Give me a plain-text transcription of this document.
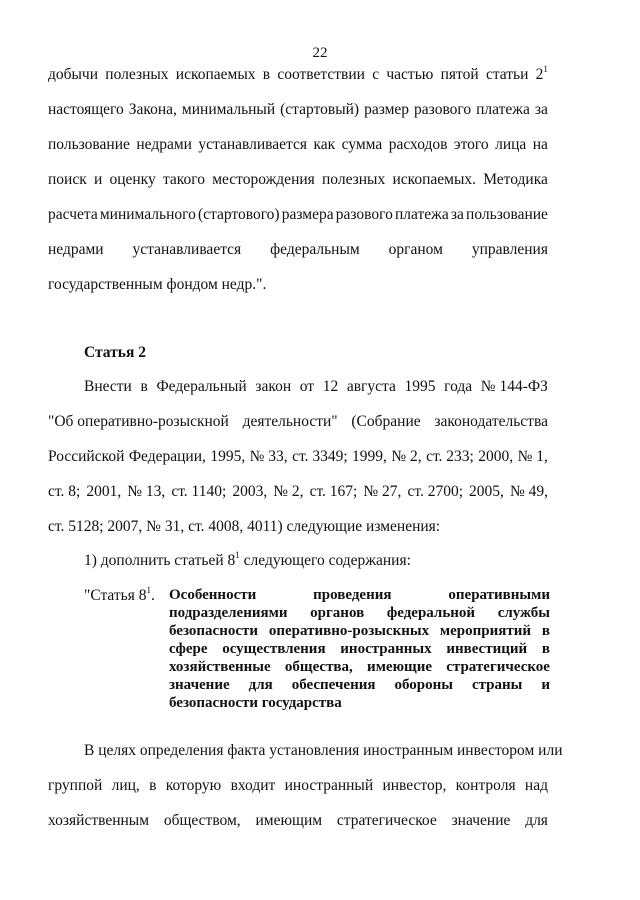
22
добычи полезных ископаемых в соответствии с частью пятой статьи $2^1$
настоящего Закона, минимальный (стартовый) размер разового платежа за
пользование недрами устанавливается как сумма расходов этого лица на
поиск и оценку такого месторождения полезных ископаемых. Методика
расчета минимального (стартового) размера разового платежа за пользование
недрами устанавливается федеральным органом управления
государственным фондом недр.".
Статья 2
Внести в Федеральный закон от 12 августа 1995 года № 144-ФЗ
"Об оперативно-розыскной деятельности" (Собрание законодательства
Российской Федерации, 1995, № 33, ст. 3349; 1999, № 2, ст. 233; 2000, № 1,
ст. 8; 2001, № 13, ст. 1140; 2003, № 2, ст. 167; № 27, ст. 2700; 2005, № 49,
ст. 5128; 2007, № 31, ст. 4008, 4011) следующие изменения:
1) дополнить статьей $8^1$ следующего содержания:
"Статья $8^1$. Особенности	проведения	оперативными
подразделениями органов федеральной службы
безопасности оперативно-розыскных мероприятий в
сфере осуществления иностранных инвестиций в
хозяйственные общества, имеющие стратегическое
значение для обеспечения обороны страны и
безопасности государства
В целях определения факта установления иностранным инвестором или
группой лиц, в которую входит иностранный инвестор, контроля над
хозяйственным обществом, имеющим стратегическое значение для
